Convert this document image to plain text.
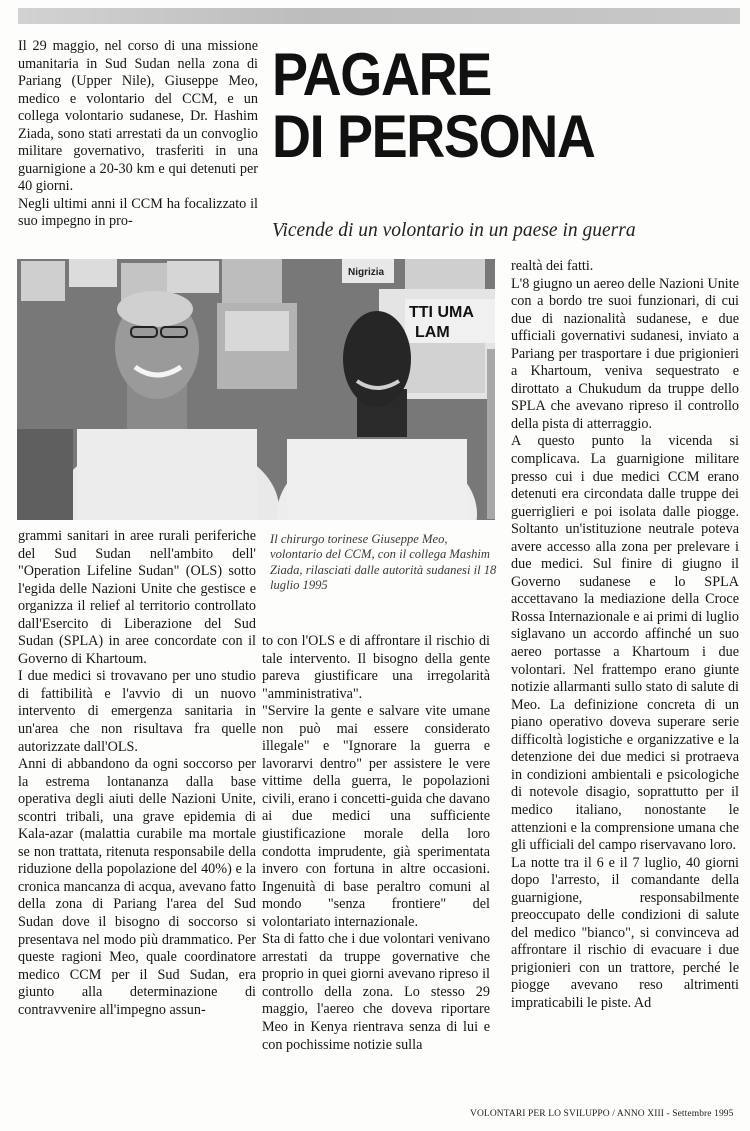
Il 29 maggio, nel corso di una missione umanitaria in Sud Sudan nella zona di Pariang (Upper Nile), Giuseppe Meo, medico e volontario del CCM, e un collega volontario sudanese, Dr. Hashim Ziada, sono stati arrestati da un convoglio militare governativo, trasferiti in una guarnigione a 20-30 km e qui detenuti per 40 giorni.

Negli ultimi anni il CCM ha focalizzato il suo impegno in pro-

PAGARE
DI PERSONA
Vicende di un volontario in un paese in guerra
Nigrizia
TTI UMA
LAM

grammi sanitari in aree rurali periferiche del Sud Sudan nell'ambito dell' "Operation Lifeline Sudan" (OLS) sotto l'egida delle Nazioni Unite che gestisce e organizza il relief al territorio controllato dall'Esercito di Liberazione del Sud Sudan (SPLA) in aree concordate con il Governo di Khartoum.

I due medici si trovavano per uno studio di fattibilità e l'avvio di un nuovo intervento di emergenza sanitaria in un'area che non risultava fra quelle autorizzate dall'OLS.

Anni di abbandono da ogni soccorso per la estrema lontananza dalla base operativa degli aiuti delle Nazioni Unite, scontri tribali, una grave epidemia di Kala-azar (malattia curabile ma mortale se non trattata, ritenuta responsabile della riduzione della popolazione del 40%) e la cronica mancanza di acqua, avevano fatto della zona di Pariang l'area del Sud Sudan dove il bisogno di soccorso si presentava nel modo più drammatico. Per queste ragioni Meo, quale coordinatore medico CCM per il Sud Sudan, era giunto alla determinazione di contravvenire all'impegno assun-

Il chirurgo torinese Giuseppe Meo, volontario del CCM, con il collega Mashim Ziada, rilasciati dalle autorità sudanesi il 18 luglio 1995

to con l'OLS e di affrontare il rischio di tale intervento. Il bisogno della gente pareva giustificare una irregolarità "amministrativa".

"Servire la gente e salvare vite umane non può mai essere considerato illegale" e "Ignorare la guerra e lavorarvi dentro" per assistere le vere vittime della guerra, le popolazioni civili, erano i concetti-guida che davano ai due medici una sufficiente giustificazione morale della loro condotta imprudente, già sperimentata invero con fortuna in altre occasioni. Ingenuità di base peraltro comuni al mondo "senza frontiere" del volontariato internazionale.

Sta di fatto che i due volontari venivano arrestati da truppe governative che proprio in quei giorni avevano ripreso il controllo della zona. Lo stesso 29 maggio, l'aereo che doveva riportare Meo in Kenya rientrava senza di lui e con pochissime notizie sulla

realtà dei fatti.

L'8 giugno un aereo delle Nazioni Unite con a bordo tre suoi funzionari, di cui due di nazionalità sudanese, e due ufficiali governativi sudanesi, inviato a Pariang per trasportare i due prigionieri a Khartoum, veniva sequestrato e dirottato a Chukudum da truppe dello SPLA che avevano ripreso il controllo della pista di atterraggio.

A questo punto la vicenda si complicava. La guarnigione militare presso cui i due medici CCM erano detenuti era circondata dalle truppe dei guerriglieri e poi isolata dalle piogge. Soltanto un'istituzione neutrale poteva avere accesso alla zona per prelevare i due medici. Sul finire di giugno il Governo sudanese e lo SPLA accettavano la mediazione della Croce Rossa Internazionale e ai primi di luglio siglavano un accordo affinché un suo aereo portasse a Khartoum i due volontari. Nel frattempo erano giunte notizie allarmanti sullo stato di salute di Meo. La definizione concreta di un piano operativo doveva superare serie difficoltà logistiche e organizzative e la detenzione dei due medici si protraeva in condizioni ambientali e psicologiche di notevole disagio, soprattutto per il medico italiano, nonostante le attenzioni e la comprensione umana che gli ufficiali del campo riservavano loro.

La notte tra il 6 e il 7 luglio, 40 giorni dopo l'arresto, il comandante della guarnigione, responsabilmente preoccupato delle condizioni di salute del medico "bianco", si convinceva ad affrontare il rischio di evacuare i due prigionieri con un trattore, perché le piogge avevano reso altrimenti impraticabili le piste. Ad

VOLONTARI PER LO SVILUPPO / ANNO XIII - Settembre 1995
